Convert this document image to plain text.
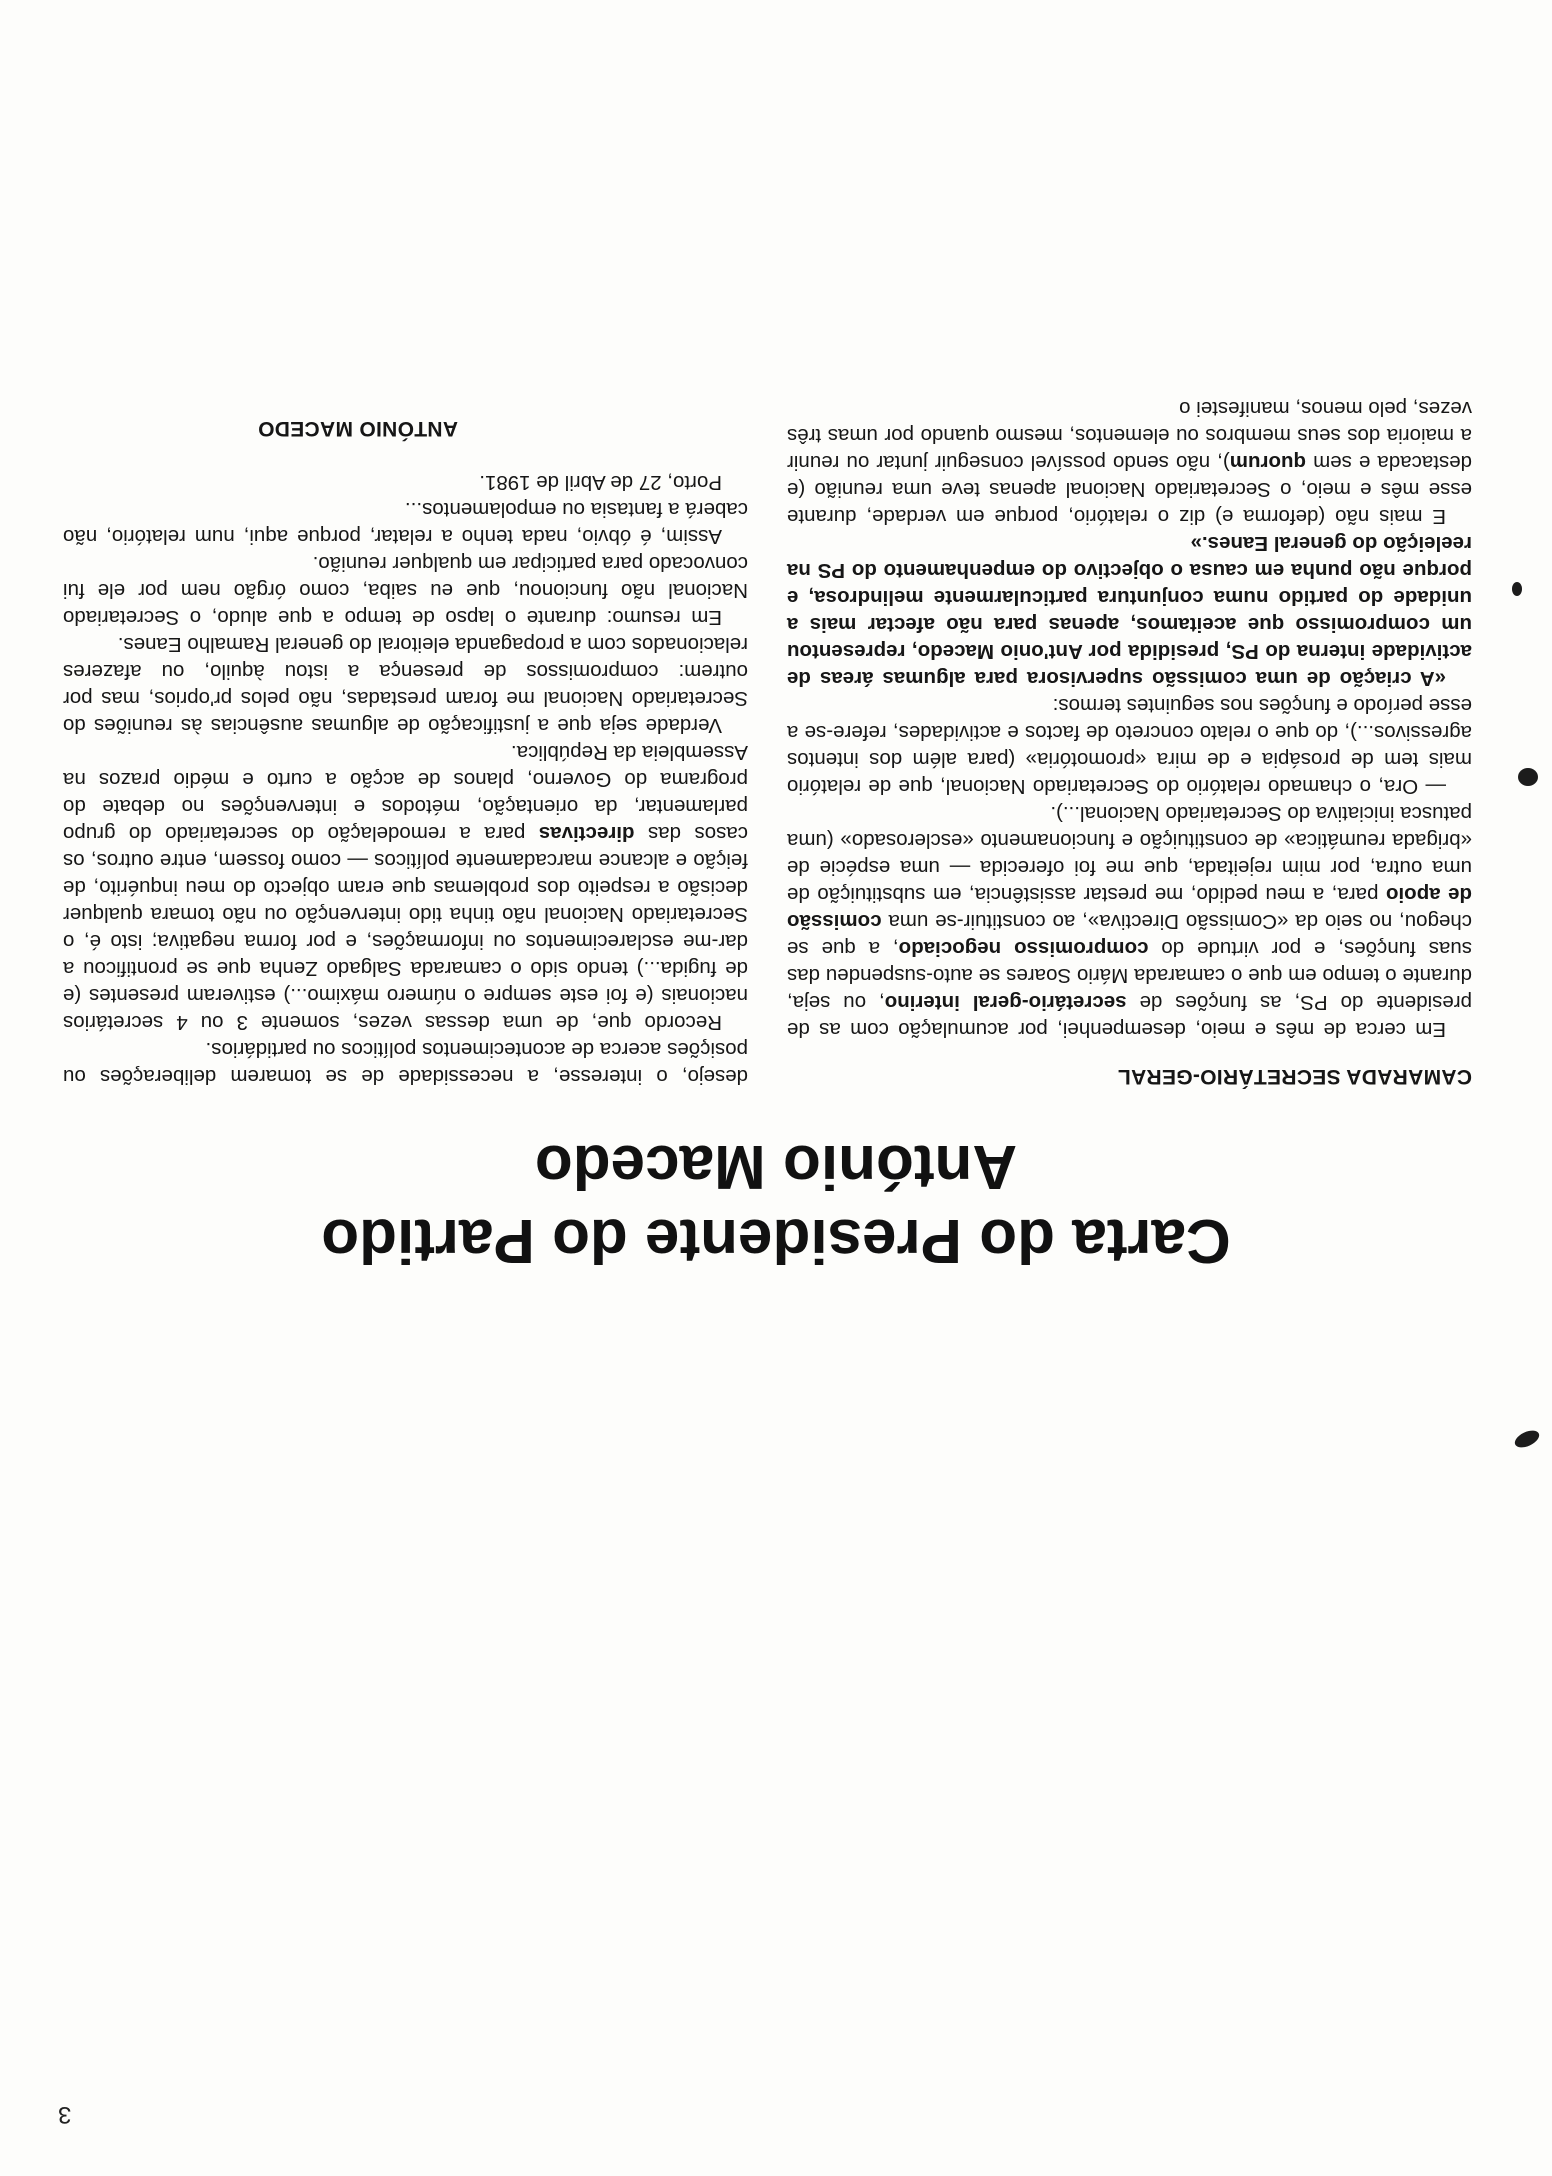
Carta do Presidente do Partido
António Macedo
CAMARADA SECRETÁRIO-GERAL

Em cerca de mês e meio, desempenhei, por acumulação com as de presidente do PS, as funções de secretário-geral interino, ou seja, durante o tempo em que o camarada Mário Soares se auto-suspendeu das suas funções, e por virtude do compromisso negociado, a que se chegou, no seio da «Comissão Directiva», ao constituir-se uma comissão de apoio para, a meu pedido, me prestar assistência, em substituição de uma outra, por mim rejeitada, que me foi oferecida — uma espécie de «brigada reumática» de constituição e funcionamento «esclerosado» (uma patusca iniciativa do Secretariado Nacional...).

— Ora, o chamado relatório do Secretariado Nacional, que de relatório mais tem de prosápia e de mira «promotória» (para além dos intentos agressivos...), do que o relato concreto de factos e actividades, refere-se a esse período e funções nos seguintes termos:

«A criação de uma comissão supervisora para algumas áreas de actividade interna do PS, presidida por Ant'onio Macedo, representou um compromisso que aceitamos, apenas para não afectar mais a unidade do partido numa conjuntura particularmente melindrosa, e porque não punha em causa o objectivo do empenhamento do PS na reeleição do general Eanes.»

E mais não (deforma e) diz o relatório, porque em verdade, durante esse mês e meio, o Secretariado Nacional apenas teve uma reunião (e destacada e sem quorum), não sendo possível conseguir juntar ou reunir a maioria dos seus membros ou elementos, mesmo quando por umas três vezes, pelo menos, manifestei o

desejo, o interesse, a necessidade de se tomarem deliberações ou posições acerca de acontecimentos políticos ou partidários.

Recordo que, de uma dessas vezes, somente 3 ou 4 secretários nacionais (e foi este sempre o número máximo...) estiveram presentes (e de fugida...) tendo sido o camarada Salgado Zenha que se prontificou a dar-me esclarecimentos ou informações, e por forma negativa; isto é, o Secretariado Nacional não tinha tido intervenção ou não tomara qualquer decisão a respeito dos problemas que eram objecto do meu inquérito, de feição e alcance marcadamente políticos — como fossem, entre outros, os casos das directivas para a remodelação do secretariado do grupo parlamentar, da orientação, métodos e intervenções no debate do programa do Governo, planos de acção a curto e médio prazos na Assembleia da República.

Verdade seja que a justificação de algumas ausências às reuniões do Secretariado Nacional me foram prestadas, não pelos pr'oprios, mas por outrem: compromissos de presença a istou àquilo, ou afazeres relacionados com a propaganda eleitoral do general Ramalho Eanes.

Em resumo: durante o lapso de tempo a que aludo, o Secretariado Nacional não funcionou, que eu saiba, como órgão nem por ele fui convocado para participar em qualquer reunião.

Assim, é óbvio, nada tenho a relatar, porque aqui, num relatório, não caberá a fantasia ou empolamentos...

Porto, 27 de Abril de 1981.

ANTÓNIO MACEDO
3
